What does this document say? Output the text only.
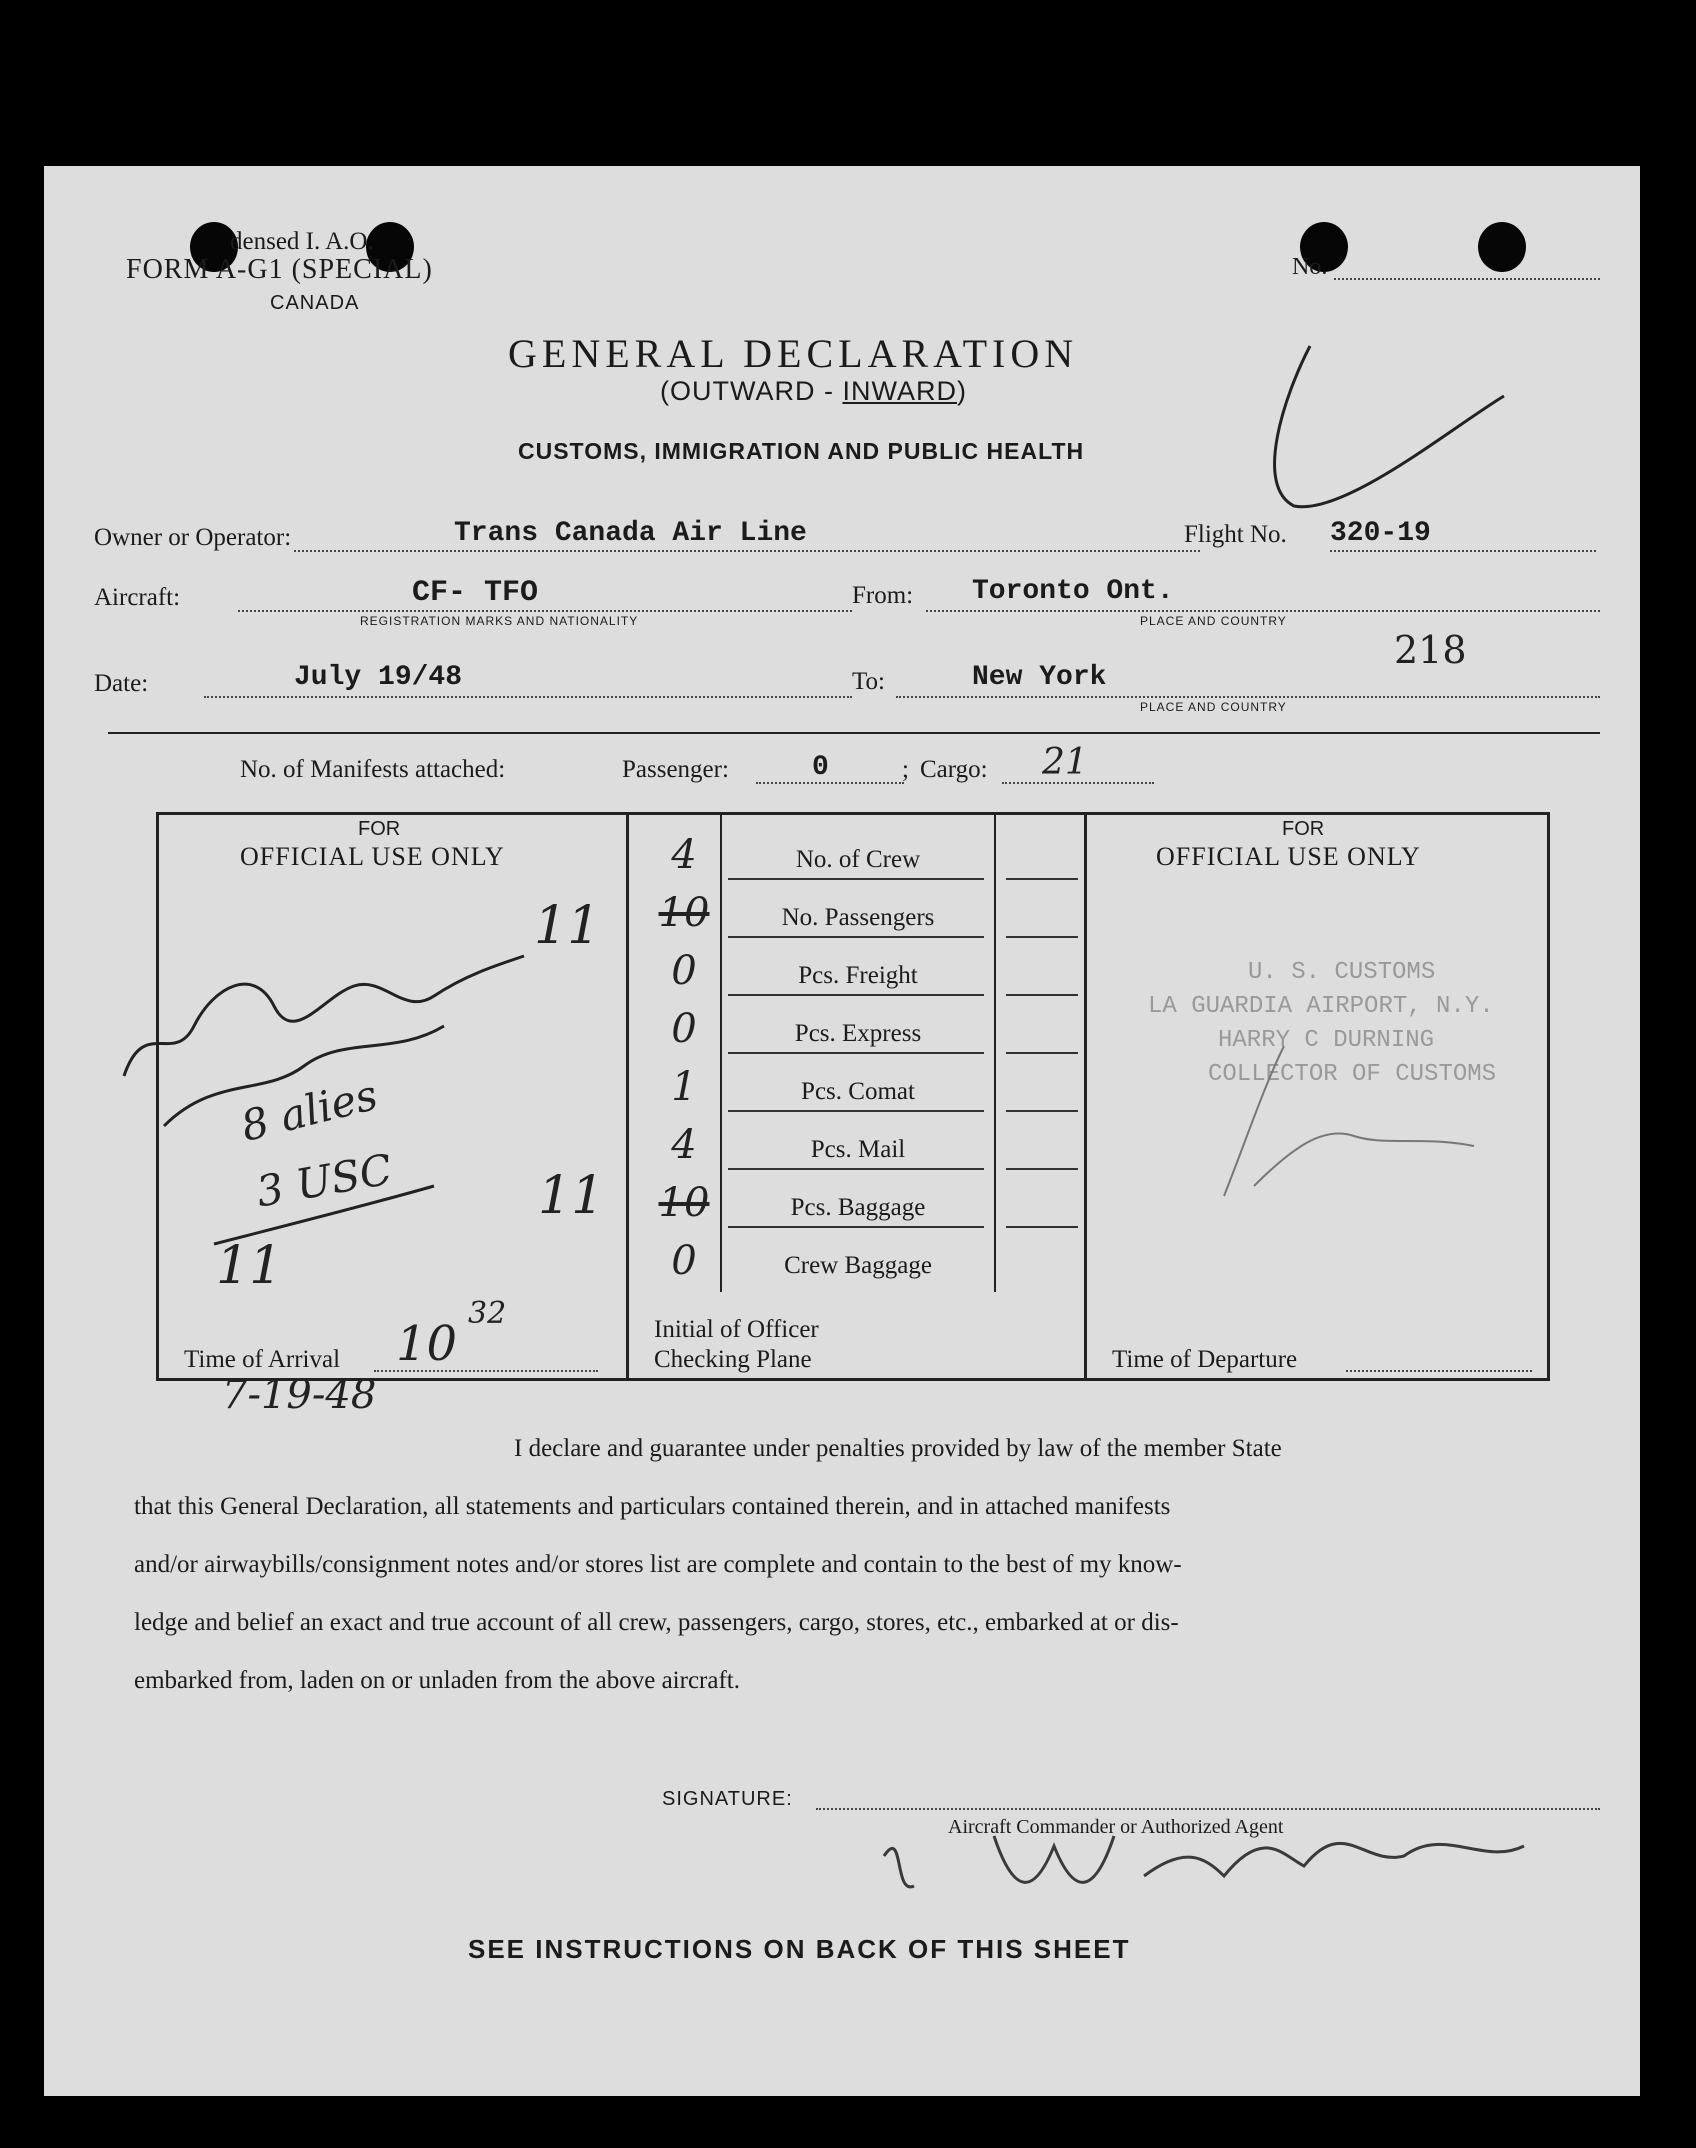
densed I. A.O.
FORM A-G1 (SPECIAL)
CANADA
No.
GENERAL DECLARATION
(OUTWARD - INWARD)
CUSTOMS, IMMIGRATION AND PUBLIC HEALTH
Owner or Operator:	Trans Canada Air Line	Flight No. 320-19
Aircraft:	CF- TFO
REGISTRATION MARKS AND NATIONALITY
From: Toronto Ont.
PLACE AND COUNTRY
218
Date:	July 19/48	To:	New York
PLACE AND COUNTRY
No. of Manifests attached:	Passenger:	0	; Cargo: 21
FOR
OFFICIAL USE ONLY
FOR
OFFICIAL USE ONLY
4	No. of Crew
10	No. Passengers
0	Pcs. Freight
0	Pcs. Express
1	Pcs. Comat
4	Pcs. Mail
10	Pcs. Baggage
0	Crew Baggage
Initial of Officer
Checking Plane
Time of Arrival 10
32
7-19-48
Time of Departure
11
11
8 alies
3 USC
11
U. S. CUSTOMS
LA GUARDIA AIRPORT, N.Y.
HARRY C DURNING
COLLECTOR OF CUSTOMS
I declare and guarantee under penalties provided by law of the member State
that this General Declaration, all statements and particulars contained therein, and in attached manifests
and/or airwaybills/consignment notes and/or stores list are complete and contain to the best of my know-
ledge and belief an exact and true account of all crew, passengers, cargo, stores, etc., embarked at or dis-
embarked from, laden on or unladen from the above aircraft.
SIGNATURE:
Aircraft Commander or Authorized Agent
SEE INSTRUCTIONS ON BACK OF THIS SHEET
